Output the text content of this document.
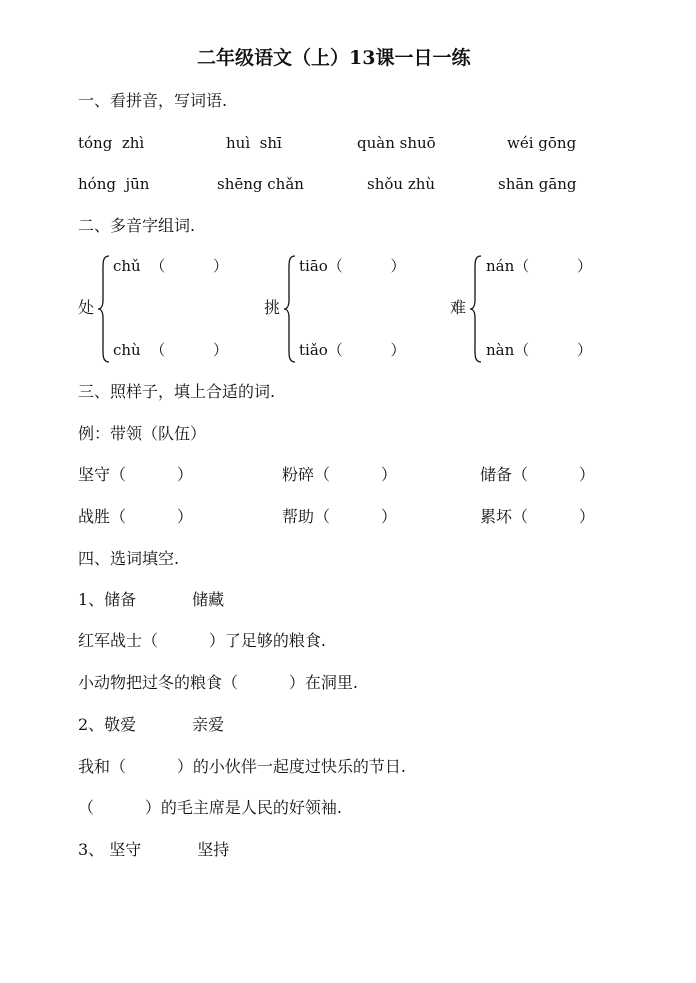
二年级语文（上）13课一日一练
一、看拼音，写词语.
tóng  zhì	huì  shī	quàn shuō	wéi gōng
hóng  jūn	shēng chǎn	shǒu zhù	shān gāng
二、多音字组词.
处
chǔ  （          ）
chù  （          ）
挑
tiāo（          ）
tiǎo（          ）
难
nán（          ）
nàn（          ）
三、照样子，填上合适的词.
例：带领（队伍）
坚守（          ）	粉碎（          ）	储备（          ）
战胜（          ）	帮助（          ）	累坏（          ）
四、选词填空.
1、储备           储藏
红军战士（          ）了足够的粮食.
小动物把过冬的粮食（          ）在洞里.
2、敬爱           亲爱
我和（          ）的小伙伴一起度过快乐的节日.
（          ）的毛主席是人民的好领袖.
3、 坚守           坚持
